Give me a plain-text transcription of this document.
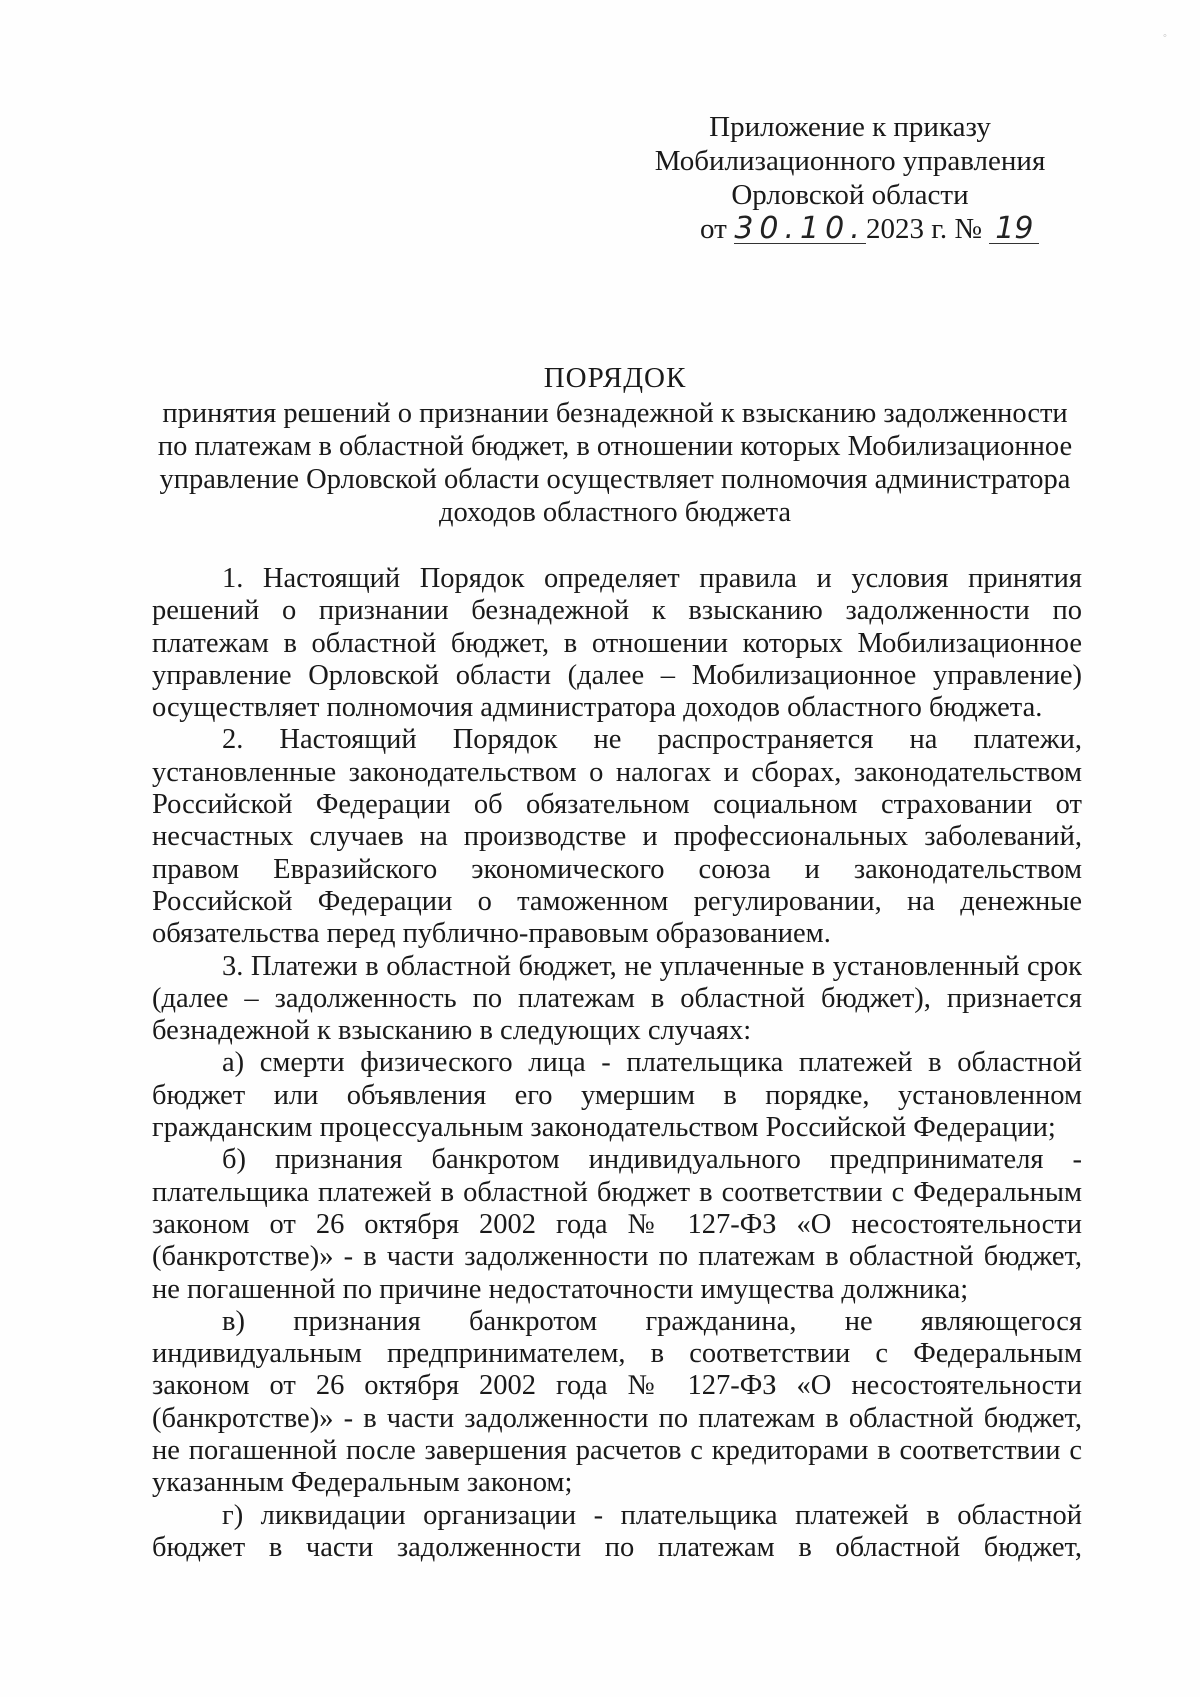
◦
Приложение к приказу
Мобилизационного управления
Орловской области
от 30.10.2023 г. № 19
ПОРЯДОК
принятия решений о признании безнадежной к взысканию задолженности
по платежам в областной бюджет, в отношении которых Мобилизационное
управление Орловской области осуществляет полномочия администратора
доходов областного бюджета

1. Настоящий Порядок определяет правила и условия принятия решений о признании безнадежной к взысканию задолженности по платежам в областной бюджет, в отношении которых Мобилизационное управление Орловской области (далее – Мобилизационное управление) осуществляет полномочия администратора доходов областного бюджета.

2. Настоящий Порядок не распространяется на платежи, установленные законодательством о налогах и сборах, законодательством Российской Федерации об обязательном социальном страховании от несчастных случаев на производстве и профессиональных заболеваний, правом Евразийского экономического союза и законодательством Российской Федерации о таможенном регулировании, на денежные обязательства перед публично-правовым образованием.

3. Платежи в областной бюджет, не уплаченные в установленный срок (далее – задолженность по платежам в областной бюджет), признается безнадежной к взысканию в следующих случаях:

а) смерти физического лица - плательщика платежей в областной бюджет или объявления его умершим в порядке, установленном гражданским процессуальным законодательством Российской Федерации;

б) признания банкротом индивидуального предпринимателя - плательщика платежей в областной бюджет в соответствии с Федеральным законом от 26 октября 2002 года № 127-ФЗ «О несостоятельности (банкротстве)» - в части задолженности по платежам в областной бюджет, не погашенной по причине недостаточности имущества должника;

в) признания банкротом гражданина, не являющегося индивидуальным предпринимателем, в соответствии с Федеральным законом от 26 октября 2002 года № 127-ФЗ «О несостоятельности (банкротстве)» - в части задолженности по платежам в областной бюджет, не погашенной после завершения расчетов с кредиторами в соответствии с указанным Федеральным законом;

г) ликвидации организации - плательщика платежей в областной бюджет в части задолженности по платежам в областной бюджет,
